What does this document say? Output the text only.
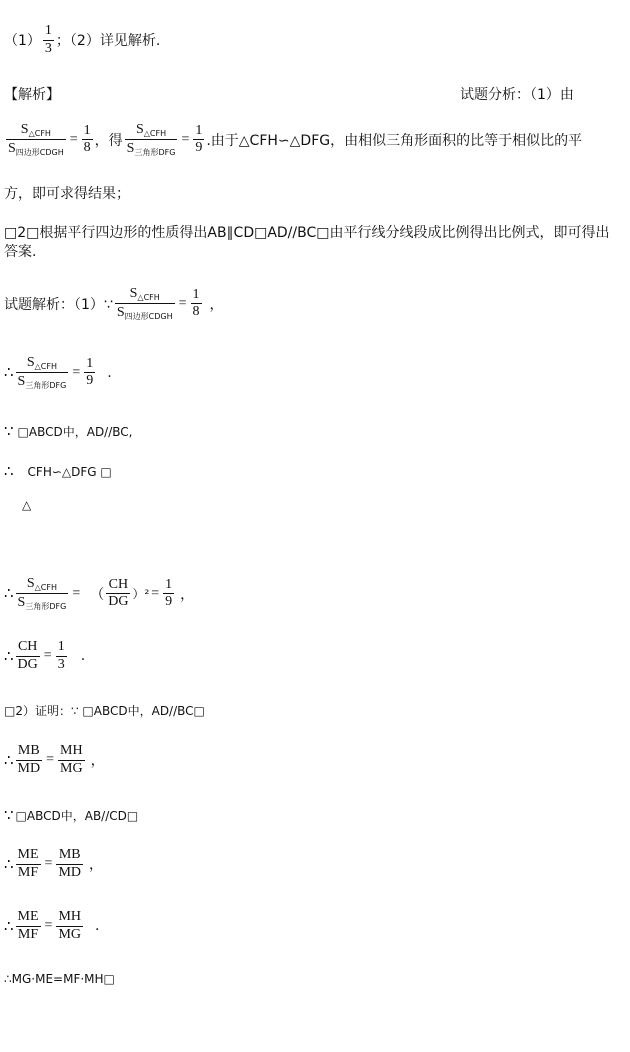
$(1) \frac{1}{3}$ ；（2）详见解析.
【解析】	试题分析：（1）由
$\frac{S_{\triangle CFH}}{S_{四边形CDGH}} = \frac{1}{8}$ ，得 $\frac{S_{\triangle CFH}}{S_{三角形DFG}} = \frac{1}{9}$ .由于△CFH∽△DFG，由相似三角形面积的比等于相似比的平
方，即可求得结果；
□2□根据平行四边形的性质得出AB∥CD□AD//BC□由平行线分线段成比例得出比例式，即可得出
答案.
试题解析：（1）∵ $\frac{S_{\triangle CFH}}{S_{四边形CDGH}} = \frac{1}{8}$ ，
∴ $\frac{S_{\triangle CFH}}{S_{三角形DFG}} = \frac{1}{9}$ .
∵ □ABCD中，AD//BC,
∴ CFH∽△DFG □
△
∴ $\frac{S_{\triangle CFH}}{S_{三角形DFG}}$ = （ $\frac{CH}{DG} )^2 = \frac{1}{9}$ ，
∴ $\frac{CH}{DG} = \frac{1}{3}$ .
□2）证明：∵ □ABCD中，AD//BC□
∴ $\frac{MB}{MD} = \frac{MH}{MG}$ ，
∵ □ABCD中，AB//CD□
∴ $\frac{ME}{MF} = \frac{MB}{MD}$ ，
∴ $\frac{ME}{MF} = \frac{MH}{MG}$ .
∴MG·ME=MF·MH□
